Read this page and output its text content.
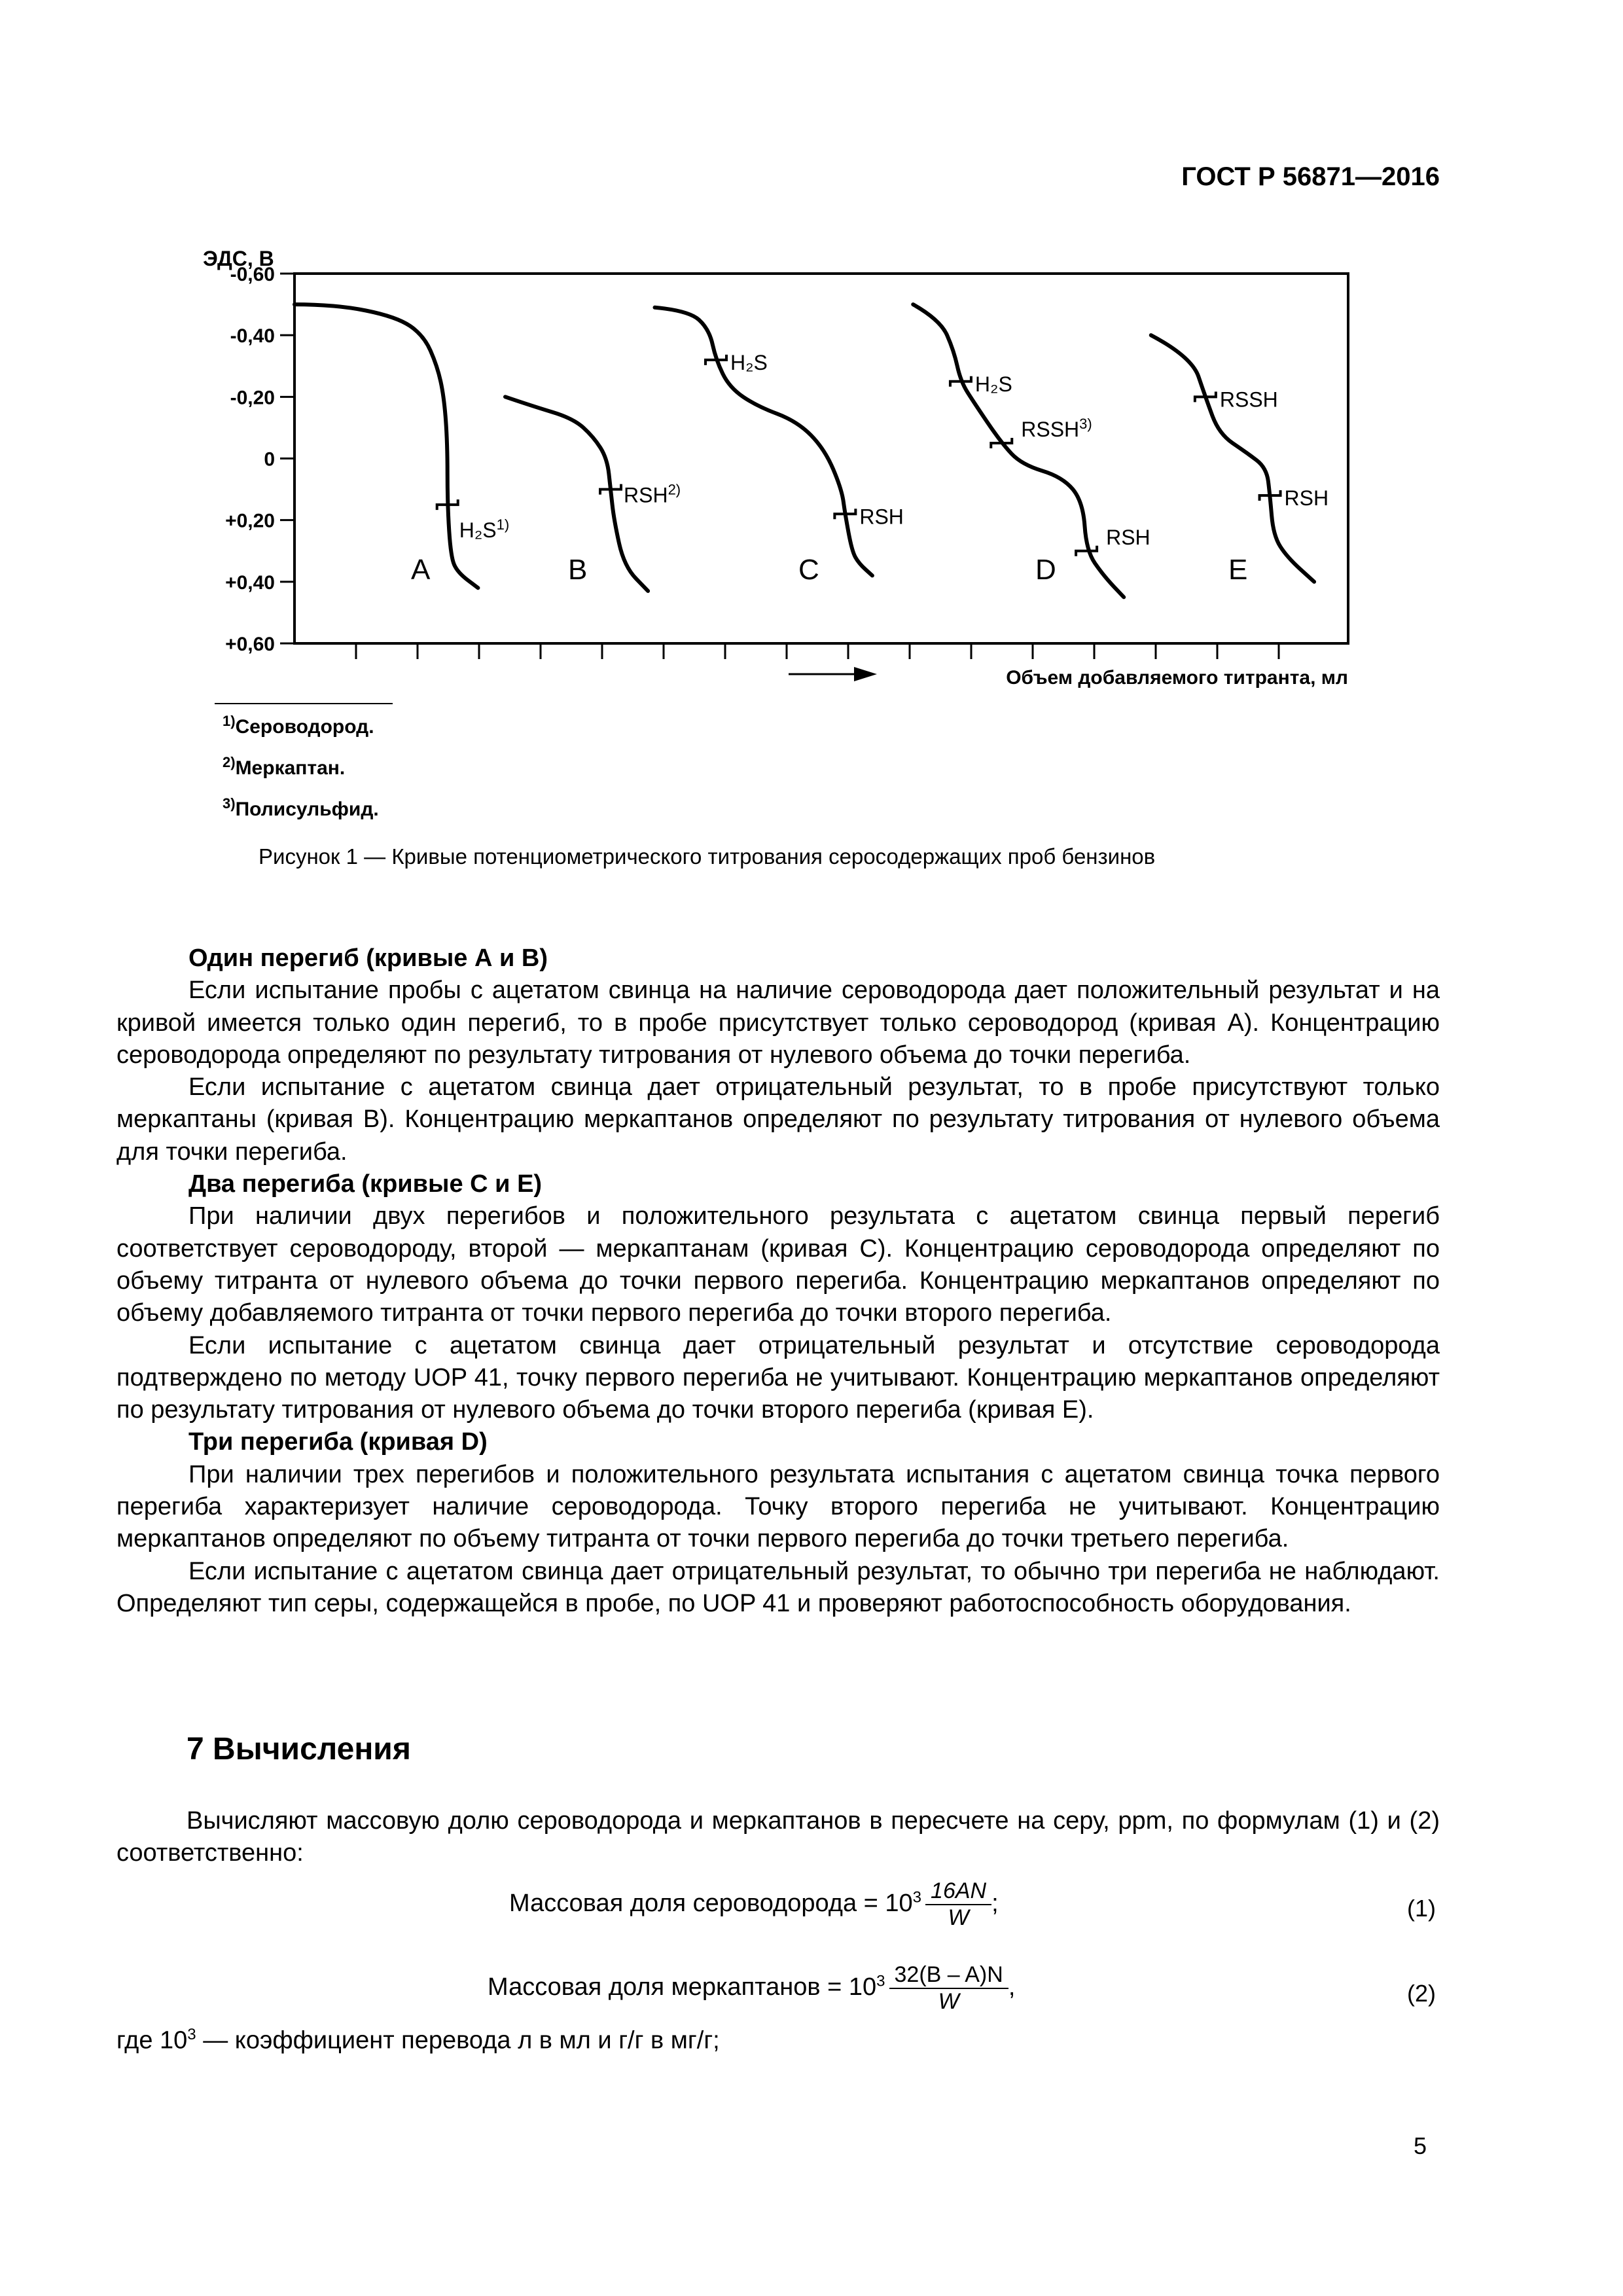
ГОСТ Р 56871—2016
ЭДС, В
-0,60
-0,40
-0,20
0
+0,20
+0,40
+0,60
Объем добавляемого титранта, мл
A
$H_2S^{1)}$
B
RSH$^{2)}$
C
H₂S
RSH
D
H₂S
RSSH$^{3)}$
RSH
E
RSSH
RSH
$^{1)}$Сероводород.
$^{2)}$Меркаптан.
$^{3)}$Полисульфид.
Рисунок 1 — Кривые потенциометрического титрования серосодержащих проб бензинов

Один перегиб (кривые А и В)

Если испытание пробы с ацетатом свинца на наличие сероводорода дает положительный результат и на кривой имеется только один перегиб, то в пробе присутствует только сероводород (кривая А). Концентрацию сероводорода определяют по результату титрования от нулевого объема до точки перегиба.

Если испытание с ацетатом свинца дает отрицательный результат, то в пробе присутствуют только меркаптаны (кривая В). Концентрацию меркаптанов определяют по результату титрования от нулевого объема для точки перегиба.

Два перегиба (кривые С и Е)

При наличии двух перегибов и положительного результата с ацетатом свинца первый перегиб соответствует сероводороду, второй — меркаптанам (кривая С). Концентрацию сероводорода определяют по объему титранта от нулевого объема до точки первого перегиба. Концентрацию меркаптанов определяют по объему добавляемого титранта от точки первого перегиба до точки второго перегиба.

Если испытание с ацетатом свинца дает отрицательный результат и отсутствие сероводорода подтверждено по методу UOP 41, точку первого перегиба не учитывают. Концентрацию меркаптанов определяют по результату титрования от нулевого объема до точки второго перегиба (кривая Е).

Три перегиба (кривая D)

При наличии трех перегибов и положительного результата испытания с ацетатом свинца точка первого перегиба характеризует наличие сероводорода. Точку второго перегиба не учитывают. Концентрацию меркаптанов определяют по объему титранта от точки первого перегиба до точки третьего перегиба.

Если испытание с ацетатом свинца дает отрицательный результат, то обычно три перегиба не наблюдают. Определяют тип серы, содержащейся в пробе, по UOP 41 и проверяют работоспособность оборудования.

7 Вычисления
Вычисляют массовую долю сероводорода и меркаптанов в пересчете на серу, ppm, по формулам (1) и (2) соответственно:
Массовая доля сероводорода = $10^3 \frac{16AN}{W}$ ;	(1)
Массовая доля меркаптанов = $10^3 \frac{32(B - A)N}{W}$ ,	(2)
где $10^3$ — коэффициент перевода л в мл и г/г в мг/г;
5
